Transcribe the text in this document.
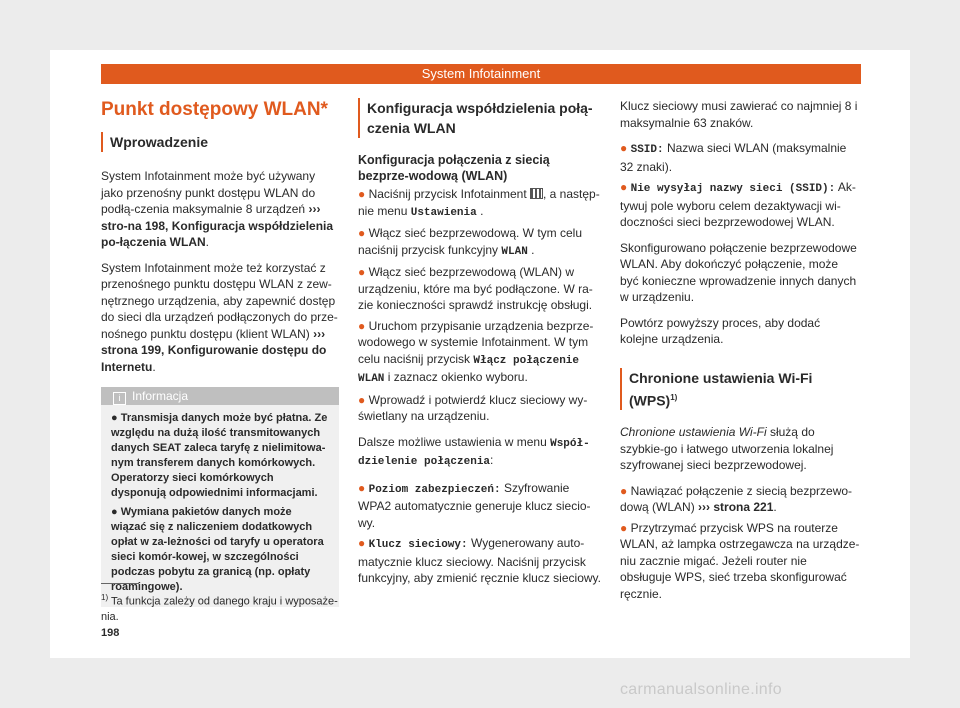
System Infotainment
Punkt dostępowy WLAN*
Wprowadzenie

System Infotainment może być używany jako przenośny punkt dostępu WLAN do podłą-czenia maksymalnie 8 urządzeń ››› stro-na 198, Konfiguracja współdzielenia po-łączenia WLAN.

System Infotainment może też korzystać z przenośnego punktu dostępu WLAN z zew-nętrznego urządzenia, aby zapewnić dostęp do sieci dla urządzeń podłączonych do prze-nośnego punktu dostępu (klient WLAN) ››› strona 199, Konfigurowanie dostępu do Internetu.

i Informacja

● Transmisja danych może być płatna. Ze względu na dużą ilość transmitowanych danych SEAT zaleca taryfę z nielimitowa-nym transferem danych komórkowych. Operatorzy sieci komórkowych dysponują odpowiednimi informacjami.

● Wymiana pakietów danych może wiązać się z naliczeniem dodatkowych opłat w za-leżności od taryfy u operatora sieci komór-kowej, w szczególności podczas pobytu za granicą (np. opłaty roamingowe).

Konfiguracja współdzielenia połą-czenia WLAN
Konfiguracja połączenia z siecią bezprze-wodową (WLAN)

● Naciśnij przycisk Infotainment , a następ-nie menu Ustawienia .

● Włącz sieć bezprzewodową. W tym celu naciśnij przycisk funkcyjny WLAN .

● Włącz sieć bezprzewodową (WLAN) w urządzeniu, które ma być podłączone. W ra-zie konieczności sprawdź instrukcję obsługi.

● Uruchom przypisanie urządzenia bezprze-wodowego w systemie Infotainment. W tym celu naciśnij przycisk Włącz połączenie WLAN i zaznacz okienko wyboru.

● Wprowadź i potwierdź klucz sieciowy wy-świetlany na urządzeniu.

Dalsze możliwe ustawienia w menu Współ-dzielenie połączenia:

● Poziom zabezpieczeń: Szyfrowanie WPA2 automatycznie generuje klucz siecio-wy.

● Klucz sieciowy: Wygenerowany auto-matycznie klucz sieciowy. Naciśnij przycisk funkcyjny, aby zmienić ręcznie klucz sieciowy.

Klucz sieciowy musi zawierać co najmniej 8 i maksymalnie 63 znaków.

● SSID: Nazwa sieci WLAN (maksymalnie 32 znaki).

● Nie wysyłaj nazwy sieci (SSID): Ak-tywuj pole wyboru celem dezaktywacji wi-doczności sieci bezprzewodowej WLAN.

Skonfigurowano połączenie bezprzewodowe WLAN. Aby dokończyć połączenie, może być konieczne wprowadzenie innych danych w urządzeniu.

Powtórz powyższy proces, aby dodać kolejne urządzenia.

Chronione ustawienia Wi-Fi (WPS)$^{1)}$

Chronione ustawienia Wi-Fi służą do szybkie-go i łatwego utworzenia lokalnej szyfrowanej sieci bezprzewodowej.

● Nawiązać połączenie z siecią bezprzewo-dową (WLAN) ››› strona 221.

● Przytrzymać przycisk WPS na routerze WLAN, aż lampka ostrzegawcza na urządze-niu zacznie migać. Jeżeli router nie obsługuje WPS, sieć trzeba skonfigurować ręcznie.

$^{1)}$ Ta funkcja zależy od danego kraju i wyposaże-nia.
198
carmanualsonline.info
